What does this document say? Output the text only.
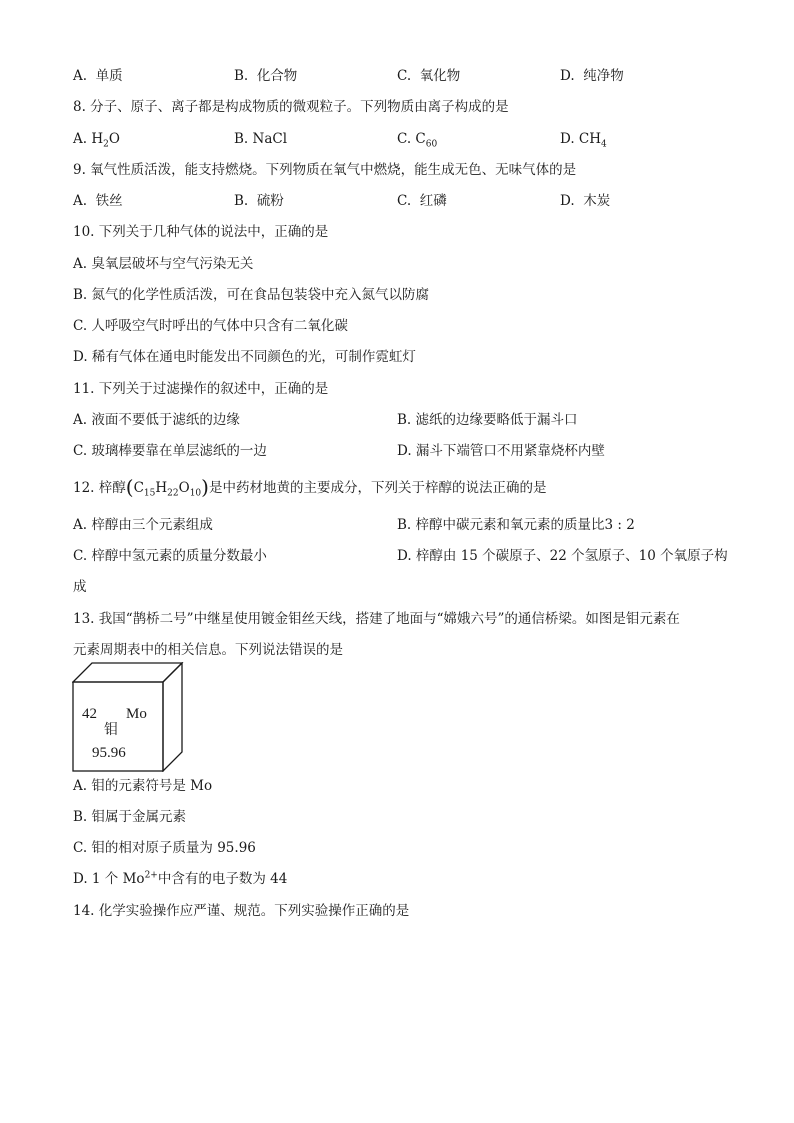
A. 单质	B. 化合物	C. 氧化物	D. 纯净物
8. 分子、原子、离子都是构成物质的微观粒子。下列物质由离子构成的是
A. $H_2O$	B. NaCl	C. $C_{60}$	D. $CH_4$
9. 氧气性质活泼，能支持燃烧。下列物质在氧气中燃烧，能生成无色、无味气体的是
A. 铁丝	B. 硫粉	C. 红磷	D. 木炭
10. 下列关于几种气体的说法中，正确的是
A. 臭氧层破坏与空气污染无关
B. 氮气的化学性质活泼，可在食品包装袋中充入氮气以防腐
C. 人呼吸空气时呼出的气体中只含有二氧化碳
D. 稀有气体在通电时能发出不同颜色的光，可制作霓虹灯
11. 下列关于过滤操作的叙述中，正确的是
A. 液面不要低于滤纸的边缘	B. 滤纸的边缘要略低于漏斗口
C. 玻璃棒要靠在单层滤纸的一边	D. 漏斗下端管口不用紧靠烧杯内壁
12. 梓醇$(C_{15}H_{22}O_{10})$是中药材地黄的主要成分，下列关于梓醇的说法正确的是
A. 梓醇由三个元素组成	B. 梓醇中碳元素和氧元素的质量比3 : 2
C. 梓醇中氢元素的质量分数最小	D. 梓醇由 15 个碳原子、22 个氢原子、10 个氧原子构
成
13. 我国“鹊桥二号”中继星使用镀金钼丝天线，搭建了地面与“嫦娥六号”的通信桥梁。如图是钼元素在
元素周期表中的相关信息。下列说法错误的是
42 Mo
钼
95.96
A. 钼的元素符号是 Mo
B. 钼属于金属元素
C. 钼的相对原子质量为 95.96
D. 1 个 $Mo^{2+}$中含有的电子数为 44
14. 化学实验操作应严谨、规范。下列实验操作正确的是
